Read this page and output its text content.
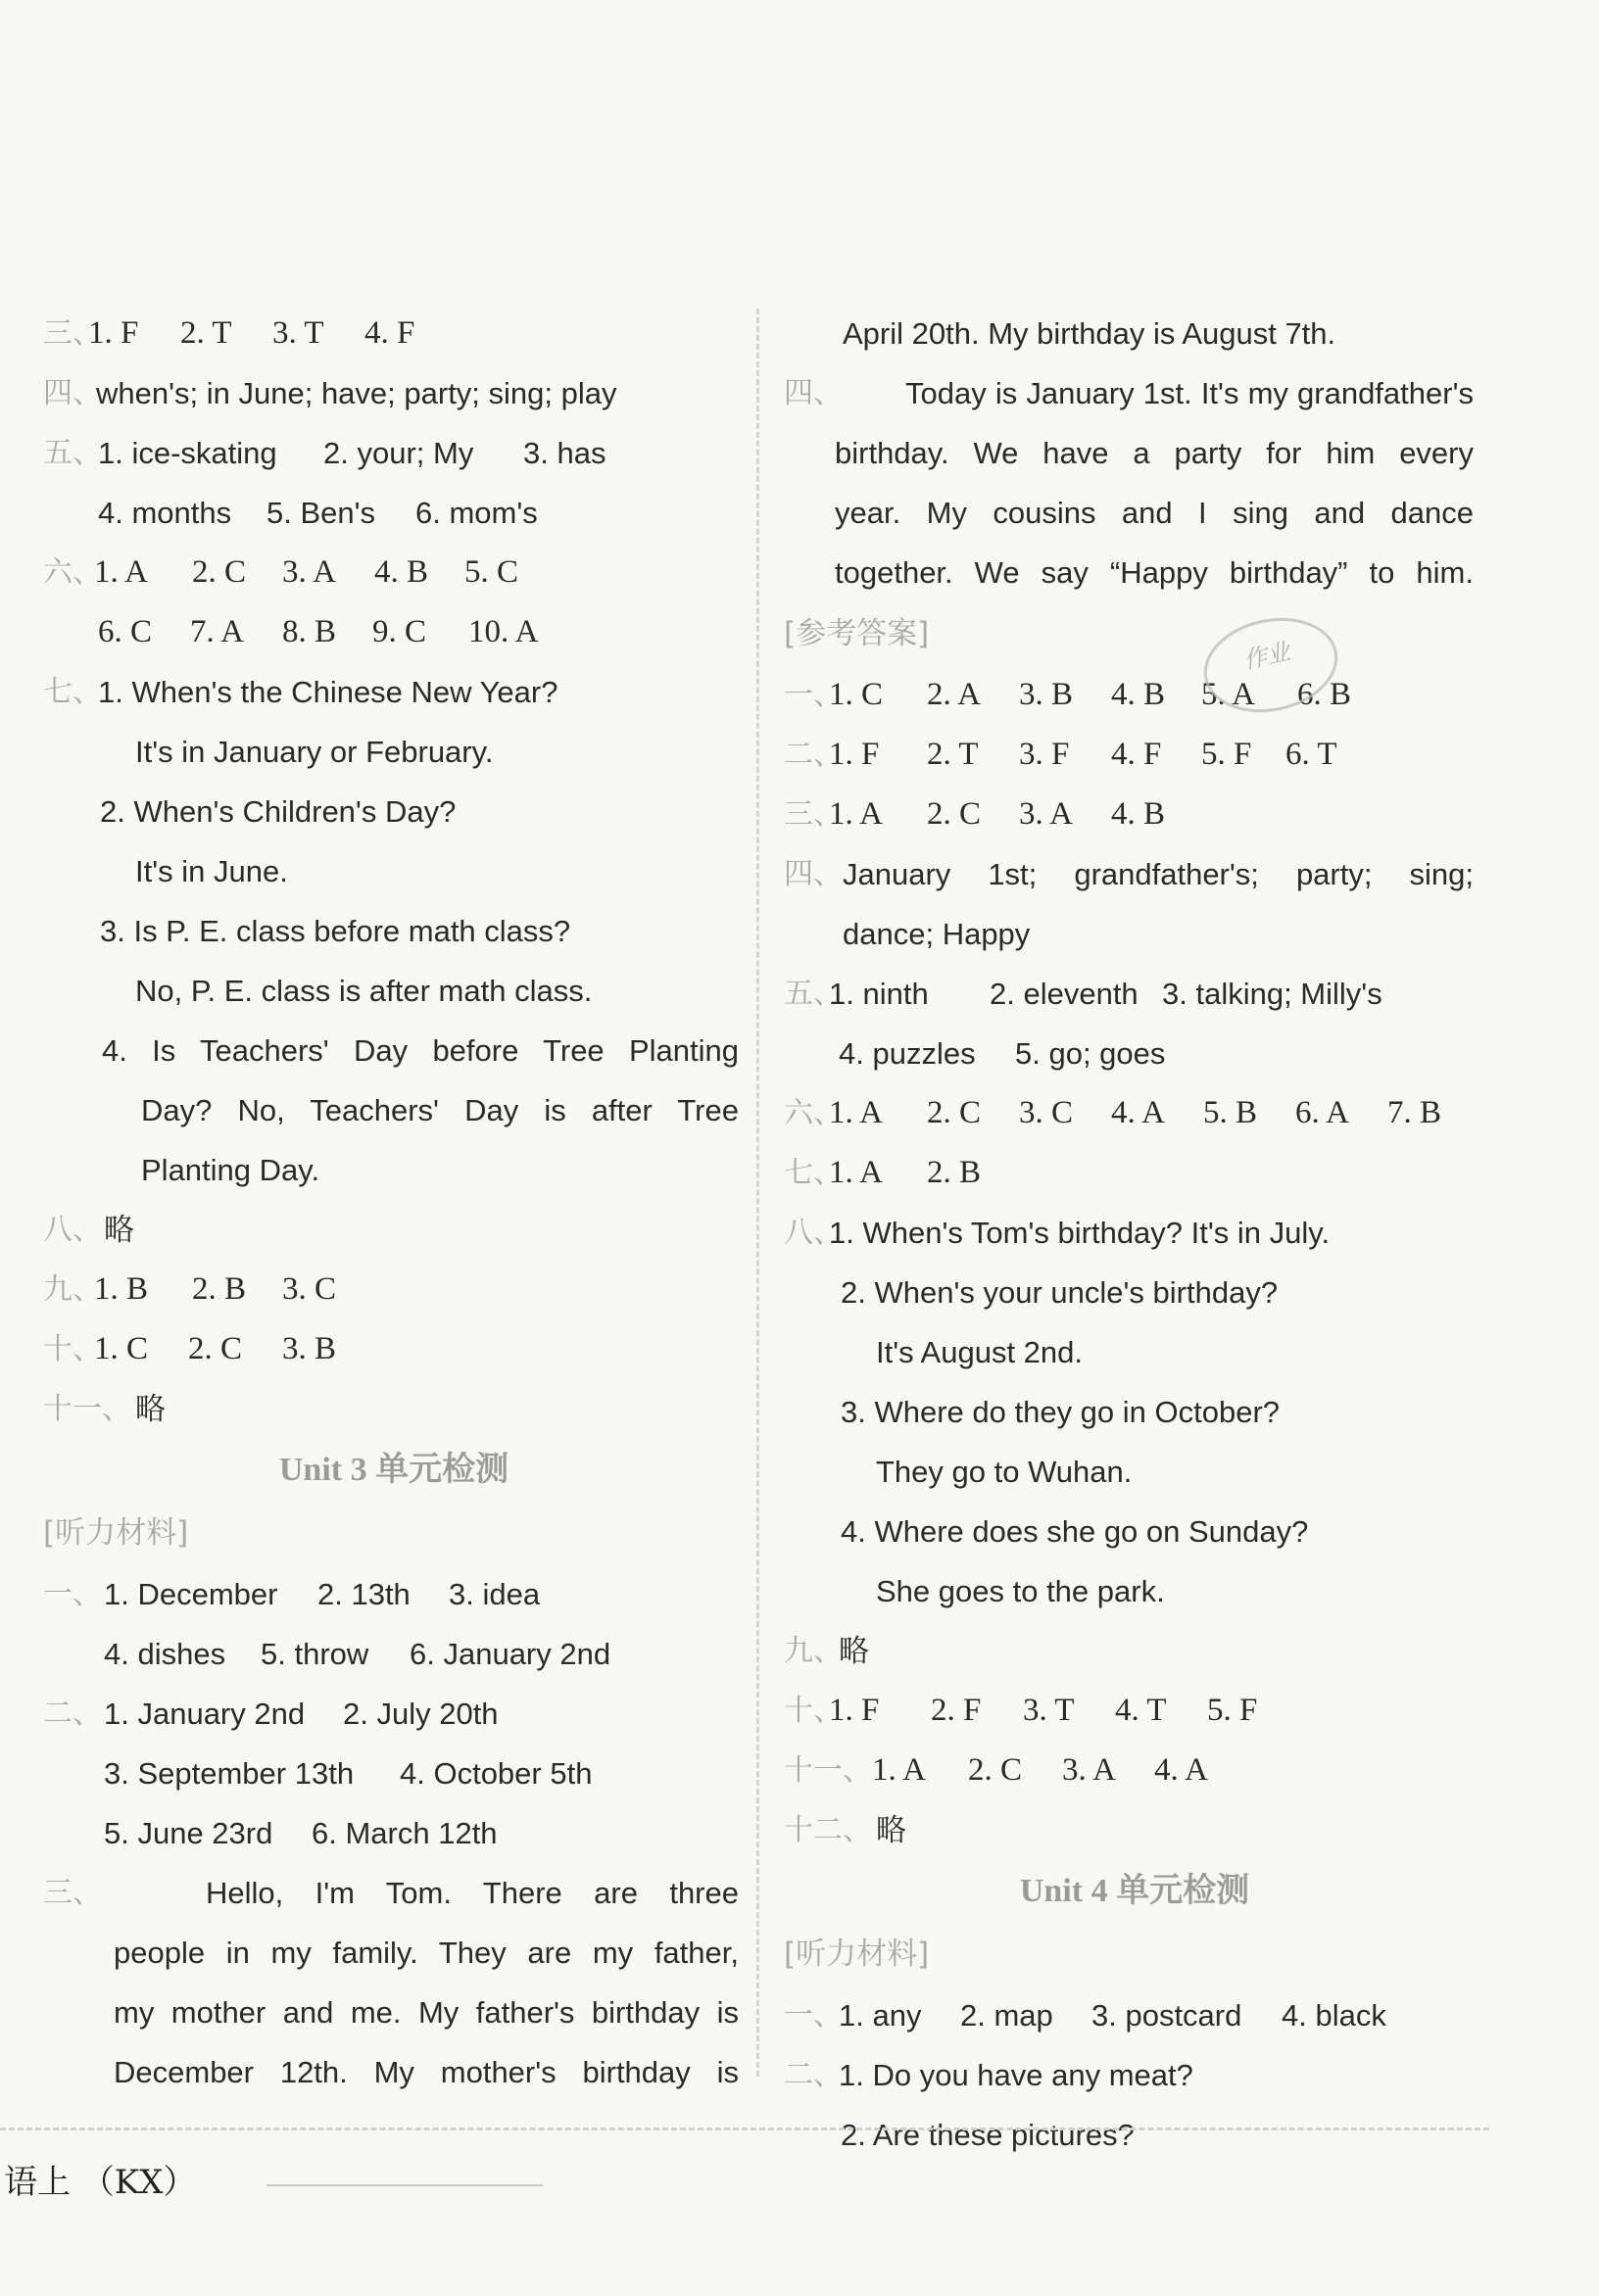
三、
1. F 2. T 3. T 4. F
四、
when's; in June; have; party; sing; play
五、
1. ice-skating 2. your; My 3. has
4. months 5. Ben's 6. mom's
六、
1. A 2. C 3. A 4. B 5. C
6. C 7. A 8. B 9. C 10. A
七、
1. When's the Chinese New Year?
It's in January or February.
2. When's Children's Day?
It's in June.
3. Is P. E. class before math class?
No, P. E. class is after math class.
4. Is Teachers' Day before Tree Planting
Day? No, Teachers' Day is after Tree
Planting Day.
八、 略
九、
1. B 2. B 3. C
十、
1. C 2. C 3. B
十一、 略
Unit 3 单元检测
[听力材料]
一、 1. December 2. 13th 3. idea
4. dishes 5. throw 6. January 2nd
二、 1. January 2nd 2. July 20th
3. September 13th 4. October 5th
5. June 23rd 6. March 12th
三、	Hello, I'm Tom. There are three
people in my family. They are my father,
my mother and me. My father's birthday is
December 12th. My mother's birthday is
April 20th. My birthday is August 7th.
四、 Today is January 1st. It's my grandfather's
birthday. We have a party for him every
year. My cousins and I sing and dance
together. We say “Happy birthday” to him.
[参考答案]
一、
1. C 2. A 3. B 4. B 5. A 6. B
二、
1. F 2. T 3. F 4. F 5. F 6. T
三、
1. A 2. C 3. A 4. B
四、 January 1st; grandfather's; party; sing;
dance; Happy
五、
1. ninth 2. eleventh 3. talking; Milly's
4. puzzles 5. go; goes
六、
1. A 2. C 3. C 4. A 5. B 6. A 7. B
七、
1. A 2. B
八、
1. When's Tom's birthday? It's in July.
2. When's your uncle's birthday?
It's August 2nd.
3. Where do they go in October?
They go to Wuhan.
4. Where does she go on Sunday?
She goes to the park.
九、
略
十、
1. F 2. F 3. T 4. T 5. F
十一、 1. A 2. C 3. A 4. A
十二、 略
Unit 4 单元检测
[听力材料]
一、
1. any 2. map 3. postcard 4. black
二、
1. Do you have any meat?
2. Are these pictures?
作业
语上 （KX）
